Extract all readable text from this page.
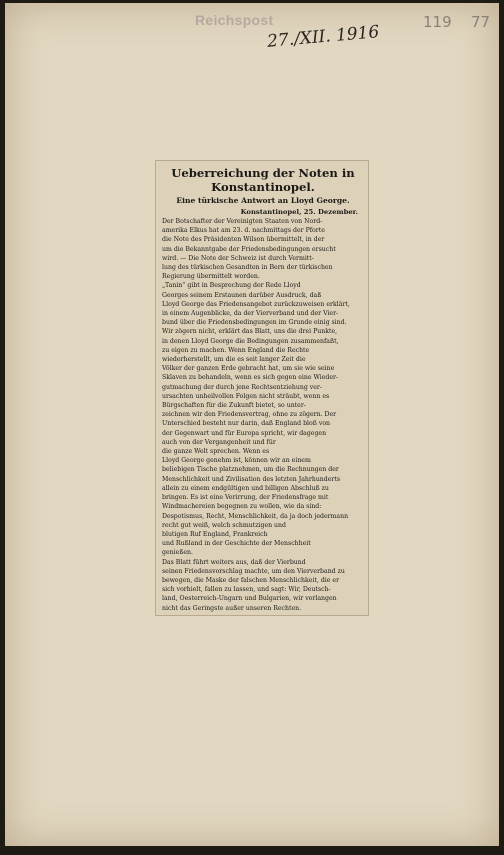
Reichspost
27./XII. 1916
119 77
Ueberreichung der Noten in
Konstantinopel.
Eine türkische Antwort an Lloyd George.
Konstantinopel, 25. Dezember.
Der Botschafter der Vereinigten Staaten von Nord-
amerika Elkus hat am 23. d. nachmittags der Pforte
die Note des Präsidenten Wilson übermittelt, in der
um die Bekanntgabe der Friedensbedingungen ersucht
wird. — Die Note der Schweiz ist durch Vermitt-
lung des türkischen Gesandten in Bern der türkischen
Regierung übermittelt worden.
„Tanin“ gibt in Besprechung der Rede Lloyd
Georges seinem Erstaunen darüber Ausdruck, daß
Lloyd George das Friedensangebot zurückzuweisen erklärt,
in einem Augenblicke, da der Vierverband und der Vier-
bund über die Friedensbedingungen im Grunde einig sind.
Wir zögern nicht, erklärt das Blatt, uns die drei Punkte,
in denen Lloyd George die Bedingungen zusammenfaßt,
zu eigen zu machen. Wenn England die Rechte
wiederherstellt, um die es seit langer Zeit die
Völker der ganzen Erde gebracht hat, um sie wie seine
Sklaven zu behandeln, wenn es sich gegen eine Wieder-
gutmachung der durch jene Rechtsentziehung ver-
ursachten unheilvollen Folgen nicht sträubt, wenn es
Bürgschaften für die Zukunft bietet, so unter-
zeichnen wir den Friedensvertrag, ohne zu zögern. Der
Unterschied besteht nur darin, daß England bloß von
der Gegenwart und für Europa spricht, wir dagegen
auch von der Vergangenheit und für
die ganze Welt sprechen. Wenn es
Lloyd George genehm ist, können wir an einem
beliebigen Tische platznehmen, um die Rechnungen der
Menschlichkeit und Zivilisation des letzten Jahrhunderts
allein zu einem endgültigen und billigen Abschluß zu
bringen. Es ist eine Verirrung, der Friedensfrage mit
Windmachereien begegnen zu wollen, wie da sind:
Despotismus, Recht, Menschlichkeit, da ja doch jedermann
recht gut weiß, welch schmutzigen und
blutigen Ruf England, Frankreich
und Rußland in der Geschichte der Menschheit
genießen.
Das Blatt führt weiters aus, daß der Vierbund
seinen Friedensvorschlag machte, um den Vierverband zu
bewegen, die Maske der falschen Menschlichkeit, die er
sich vorhielt, fallen zu lassen, und sagt: Wir, Deutsch-
land, Oesterreich-Ungarn und Bulgarien, wir verlangen
nicht das Geringste außer unseren Rechten.
